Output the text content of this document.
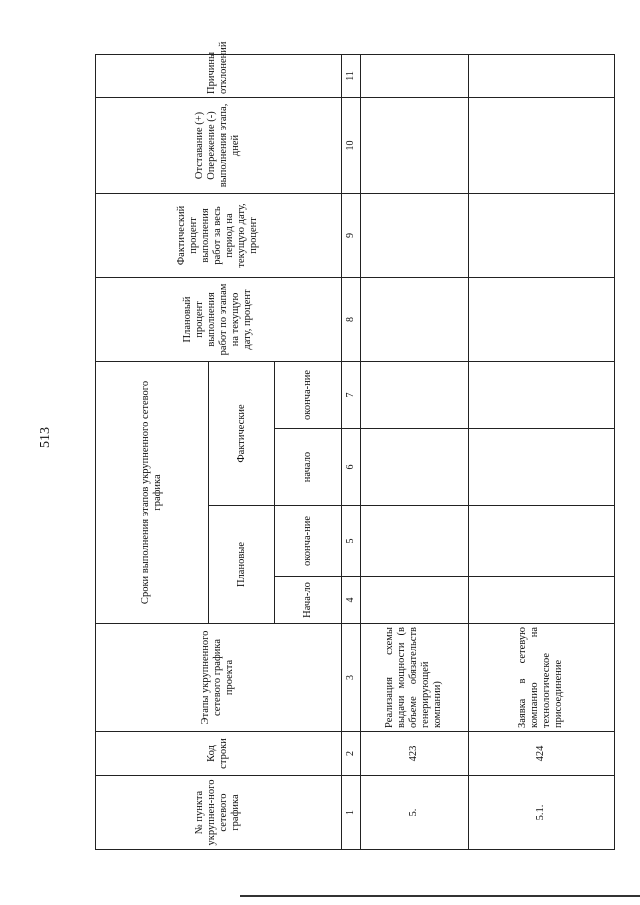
513
№ пункта укрупнен-ного сетевого графика	Код строки	Этапы укрупненного сетевого графика проекта	Сроки выполнения этапов укрупненного сетевого графика				Плановый процент выполнения работ по этапам на текущую дату, процент	Фактический процент выполнения работ за весь период на текущую дату, процент	Отставание (+) Опережение (-) выполнения этапа, дней	Причины отклонений
			Плановые		Фактические					
			Нача-ло	оконча-ние	начало	оконча-ние				
1	2	3	4	5	6	7	8	9	10	11
5.	423	Реализация схемы выдачи мощности (в объеме обязательств генерирующей компании)								
5.1.	424	Заявка в сетевую компанию на технологическое присоединение								
